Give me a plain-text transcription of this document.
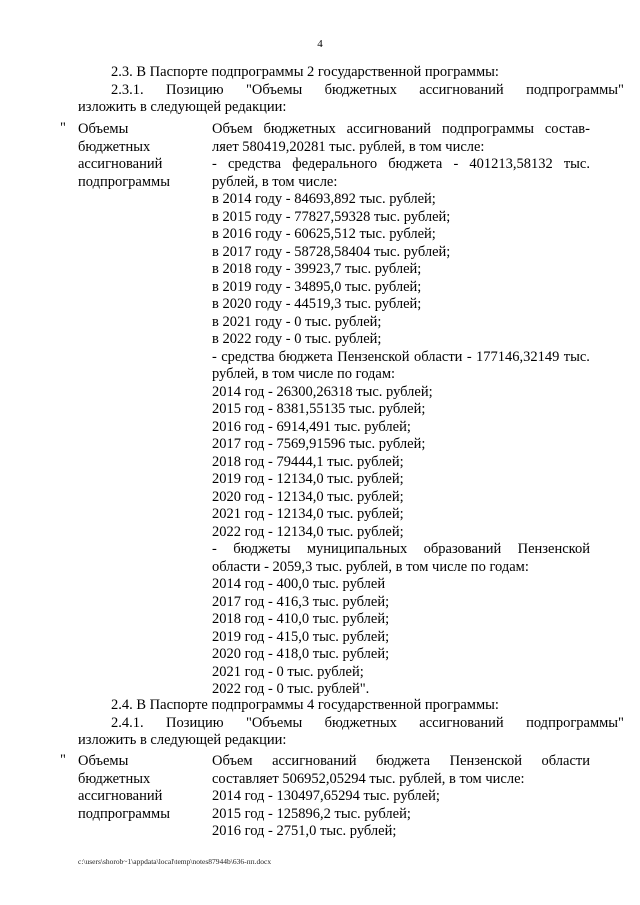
4
2.3. В Паспорте подпрограммы 2 государственной программы:
2.3.1. Позицию "Объемы бюджетных ассигнований подпрограммы"
изложить в следующей редакции:
" Объемы
бюджетных
ассигнований
подпрограммы
Объем бюджетных ассигнований подпрограммы состав-
ляет 580419,20281 тыс. рублей, в том числе:
- средства федерального бюджета - 401213,58132 тыс.
рублей, в том числе:
в 2014 году - 84693,892 тыс. рублей;
в 2015 году - 77827,59328 тыс. рублей;
в 2016 году - 60625,512 тыс. рублей;
в 2017 году - 58728,58404 тыс. рублей;
в 2018 году - 39923,7 тыс. рублей;
в 2019 году - 34895,0 тыс. рублей;
в 2020 году - 44519,3 тыс. рублей;
в 2021 году - 0 тыс. рублей;
в 2022 году - 0 тыс. рублей;
- средства бюджета Пензенской области - 177146,32149 тыс.
рублей, в том числе по годам:
2014 год - 26300,26318 тыс. рублей;
2015 год - 8381,55135 тыс. рублей;
2016 год - 6914,491 тыс. рублей;
2017 год - 7569,91596 тыс. рублей;
2018 год - 79444,1 тыс. рублей;
2019 год - 12134,0 тыс. рублей;
2020 год - 12134,0 тыс. рублей;
2021 год - 12134,0 тыс. рублей;
2022 год - 12134,0 тыс. рублей;
- бюджеты муниципальных образований Пензенской
области - 2059,3 тыс. рублей, в том числе по годам:
2014 год - 400,0 тыс. рублей
2017 год - 416,3 тыс. рублей;
2018 год - 410,0 тыс. рублей;
2019 год - 415,0 тыс. рублей;
2020 год - 418,0 тыс. рублей;
2021 год - 0 тыс. рублей;
2022 год - 0 тыс. рублей".
2.4. В Паспорте подпрограммы 4 государственной программы:
2.4.1. Позицию "Объемы бюджетных ассигнований подпрограммы"
изложить в следующей редакции:
" Объемы
бюджетных
ассигнований
подпрограммы
Объем ассигнований бюджета Пензенской области
составляет 506952,05294 тыс. рублей, в том числе:
2014 год - 130497,65294 тыс. рублей;
2015 год - 125896,2 тыс. рублей;
2016 год - 2751,0 тыс. рублей;
c:\users\shorob~1\appdata\local\temp\notes87944b\636-пп.docx
